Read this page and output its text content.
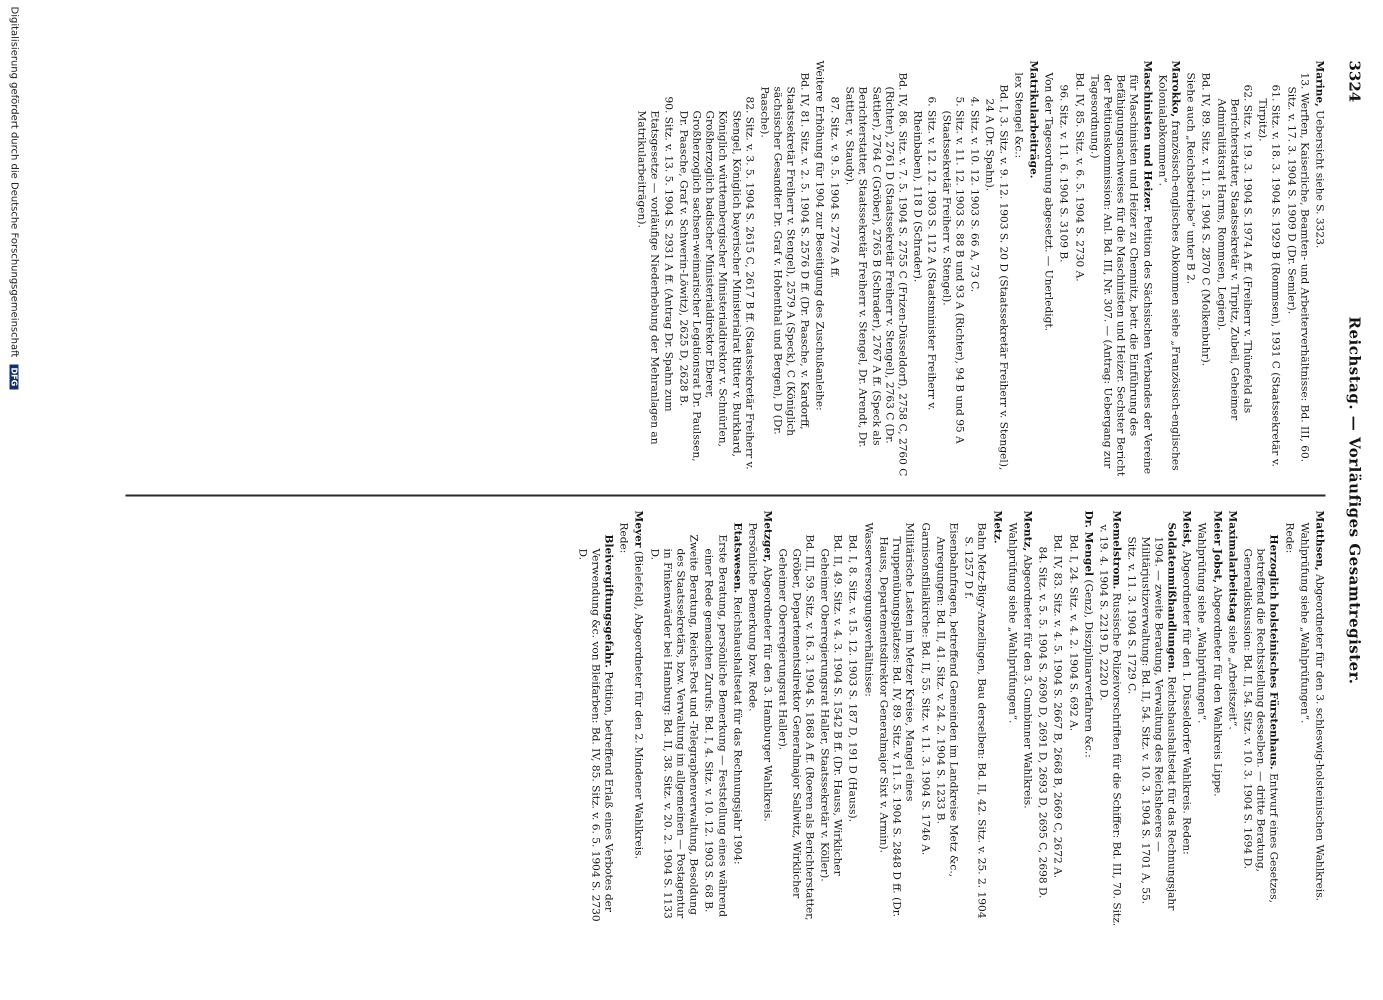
3324
Reichstag. — Vorläufiges Gesamtregister.
Marine, Uebersicht siehe S. 3323.
13. Werften, Kaiserliche, Beamten- und Arbeiterverhältnisse: Bd. III, 60. Sitz. v. 17. 3. 1904 S. 1909 D (Dr. Semler).
61. Sitz. v. 18. 3. 1904 S. 1929 B (Rommsen), 1931 C (Staatssekretär v. Tirpitz).
62. Sitz. v. 19. 3. 1904 S. 1974 A ff. (Freiherr v. Thünefeld als Berichterstatter, Staatssekretär v. Tirpitz, Zubeil, Geheimer Admiralitätsrat Harms, Rommsen, Legien).
Bd. IV, 89. Sitz. v. 11. 5. 1904 S. 2870 C (Molkenbuhr).
Siehe auch „Reichsbetriebe“ unter B 2.
Marokko, französisch-englisches Abkommen siehe „Französisch-englisches Kolonialabkommen“.
Maschinisten und Heizer. Petition des Sächsischen Verbandes der Vereine für Maschinisten und Heizer zu Chemnitz, betr. die Einführung des Befähigungsnachweises für die Maschinisten und Heizer. Sechster Bericht der Petitionskommission: Anl. Bd. III, Nr. 307. — (Antrag: Uebergang zur Tagesordnung.)
Bd. IV, 85. Sitz. v. 6. 5. 1904 S. 2730 A.
96. Sitz. v. 11. 6. 1904 S. 3109 B.
Von der Tagesordnung abgesetzt. — Unerledigt.
Matrikularbeiträge.
lex Stengel &c.:
Bd. I, 3. Sitz. v. 9. 12. 1903 S. 20 D (Staatssekretär Freiherr v. Stengel), 24 A (Dr. Spahn).
4. Sitz. v. 10. 12. 1903 S. 66 A, 73 C.
5. Sitz. v. 11. 12. 1903 S. 88 B und 93 A (Richter), 94 B und 95 A (Staatssekretär Freiherr v. Stengel).
6. Sitz. v. 12. 12. 1903 S. 112 A (Staatsminister Freiherr v. Rheinbaben), 118 D (Schrader).
Bd. IV, 86. Sitz. v. 7. 5. 1904 S. 2755 C (Frizen-Düsseldorf), 2758 C, 2760 C (Richter), 2761 D (Staatssekretär Freiherr v. Stengel), 2763 C (Dr. Sattler), 2764 C (Gröber), 2765 B (Schrader), 2767 A ff. (Speck als Berichterstatter, Staatssekretär Freiherr v. Stengel, Dr. Arendt, Dr. Sattler, v. Staudy).
87. Sitz. v. 9. 5. 1904 S. 2776 A ff.
Weitere Erhöhung für 1904 zur Beseitigung des Zuschußanleihe:
Bd. IV, 81. Sitz. v. 2. 5. 1904 S. 2576 D ff. (Dr. Paasche, v. Kardorff, Staatssekretär Freiherr v. Stengel), 2579 A (Speck), C (Königlich sächsischer Gesandter Dr. Graf v. Hohenthal und Bergen), D (Dr. Paasche).
82. Sitz. v. 3. 5. 1904 S. 2615 C, 2617 B ff. (Staatssekretär Freiherr v. Stengel, Königlich bayerischer Ministerialrat Ritter v. Burkhard, Königlich württembergischer Ministerialdirektor v. Schnürlen, Großherzoglich badischer Ministerialdirektor Eberer, Großherzoglich sachsen-weimarischer Legationsrat Dr. Paulssen, Dr. Paasche, Graf v. Schwerin-Löwitz), 2625 D, 2628 B.
90. Sitz. v. 13. 5. 1904 S. 2931 A ff. (Antrag Dr. Spahn zum Etatsgesetze — vorläufige Niederhebung der Mehranlagen an Matrikularbeiträgen).
Matthsen, Abgeordneter für den 3. schleswig-holsteinischen Wahlkreis.
Wahlprüfung siehe „Wahlprüfungen“.
Rede:
Herzoglich holsteinisches Fürstenhaus. Entwurf eines Gesetzes, betreffend die Rechtsstellung desselben. — dritte Beratung, Generaldiskussion: Bd. II, 54. Sitz. v. 10. 3. 1904 S. 1694 D.
Maximalarbeitstag siehe „Arbeitszeit“.
Meier Jobst, Abgeordneter für den Wahlkreis Lippe.
Wahlprüfung siehe „Wahlprüfungen“.
Meist, Abgeordneter für den 1. Düsseldorfer Wahlkreis. Reden:
Soldatenmißhandlungen. Reichshaushaltsetat für das Rechnungsjahr 1904. — zweite Beratung, Verwaltung des Reichsheeres — Militärjustizverwaltung: Bd. II, 54. Sitz. v. 10. 3. 1904 S. 1701 A, 55. Sitz. v. 11. 3. 1904 S. 1729 C.
Memelstrom. Russische Polizeivorschriften für die Schiffer: Bd. III, 70. Sitz. v. 19. 4. 1904 S. 2219 D, 2220 D.
Dr. Mengel (Genz), Disziplinarverfahren &c.:
Bd. I, 24. Sitz. v. 4. 2. 1904 S. 692 A.
Bd. IV, 83. Sitz. v. 4. 5. 1904 S. 2667 B, 2668 B, 2669 C, 2672 A.
84. Sitz. v. 5. 5. 1904 S. 2690 D, 2691 D, 2693 D, 2695 C, 2698 D.
Mentz, Abgeordneter für den 3. Gumbinner Wahlkreis.
Wahlprüfung siehe „Wahlprüfungen“.
Metz.
Bahn Metz-Bigy-Anzelingen, Bau derselben: Bd. II, 42. Sitz. v. 25. 2. 1904 S. 1257 D f.
Eisenbahnfragen, betreffend Gemeinden im Landkreise Metz &c., Anregungen: Bd. II, 41. Sitz. v. 24. 2. 1904 S. 1233 B.
Garnisonsfilialkirche: Bd. II, 55. Sitz. v. 11. 3. 1904 S. 1746 A.
Militärische Lasten im Metzer Kreise, Mangel eines Truppenübungsplatzes: Bd. IV, 89. Sitz. v. 11. 5. 1904 S. 2848 D ff. (Dr. Hauss, Departementsdirektor Generalmajor Sixt v. Armin).
Wasserversorgungsverhältnisse:
Bd. I, 8. Sitz. v. 15. 12. 1903 S. 187 D, 191 D (Hauss).
Bd. II, 49. Sitz. v. 4. 3. 1904 S. 1542 B ff. (Dr. Hauss, Wirklicher Geheimer Oberregierungsrat Haller, Staatssekretär v. Köller).
Bd. III, 59. Sitz. v. 16. 3. 1904 S. 1868 A ff. (Roeren als Berichterstatter, Gröber, Departementsdirektor Generalmajor Sallwitz, Wirklicher Geheimer Oberregierungsrat Haller).
Metzger, Abgeordneter für den 3. Hamburger Wahlkreis.
Persönliche Bemerkung bzw. Rede.
Etatswesen. Reichshaushaltsetat für das Rechnungsjahr 1904:
Erste Beratung, persönliche Bemerkung — Feststellung eines während einer Rede gemachten Zurufs: Bd. I, 4. Sitz. v. 10. 12. 1903 S. 68 B.
Zweite Beratung, Reichs-Post und -Telegraphenverwaltung, Besoldung des Staatssekretärs, bzw. Verwaltung im allgemeinen — Postagentur in Finkenwärder bei Hamburg: Bd. II, 38. Sitz. v. 20. 2. 1904 S. 1133 D.
Meyer (Bielefeld), Abgeordneter für den 2. Mindener Wahlkreis.
Rede:
Bleivergiftungsgefahr. Petition, betreffend Erlaß eines Verbotes der Verwendung &c. von Bleifarben: Bd. IV, 85. Sitz. v. 6. 5. 1904 S. 2730 D.
Digitalisierung gefördert durch die Deutsche Forschungsgemeinschaft DFG
